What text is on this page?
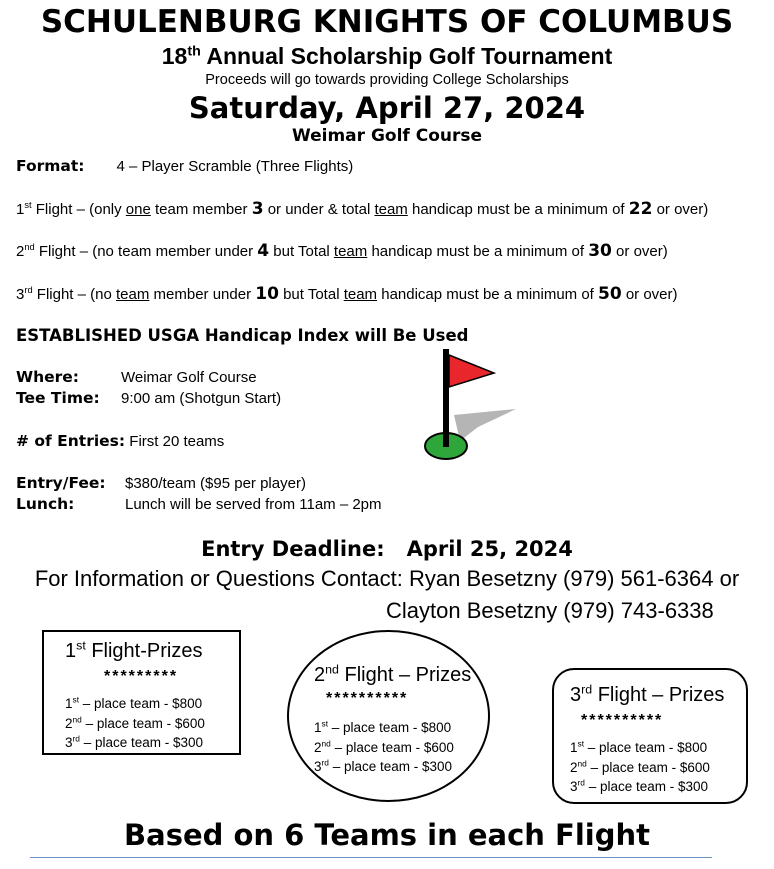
SCHULENBURG KNIGHTS OF COLUMBUS
18th Annual Scholarship Golf Tournament
Proceeds will go towards providing College Scholarships
Saturday, April 27, 2024
Weimar Golf Course
Format: 4 – Player Scramble (Three Flights)
1st Flight – (only one team member 3 or under & total team handicap must be a minimum of 22 or over)
2nd Flight – (no team member under 4 but Total team handicap must be a minimum of 30 or over)
3rd Flight – (no team member under 10 but Total team handicap must be a minimum of 50 or over)
ESTABLISHED USGA Handicap Index will Be Used
Where:	Weimar Golf Course
Tee Time: 9:00 am (Shotgun Start)
# of Entries: First 20 teams
Entry/Fee: $380/team ($95 per player)
Lunch:	Lunch will be served from 11am – 2pm
Entry Deadline:   April 25, 2024
For Information or Questions Contact: Ryan Besetzny (979) 561-6364 or
Clayton Besetzny (979) 743-6338
1st Flight-Prizes
*********
1st – place team - $800
2nd – place team - $600
3rd – place team - $300
2nd Flight – Prizes
**********
1st – place team - $800
2nd – place team - $600
3rd – place team - $300
3rd Flight – Prizes
**********
1st – place team - $800
2nd – place team - $600
3rd – place team - $300
Based on 6 Teams in each Flight
